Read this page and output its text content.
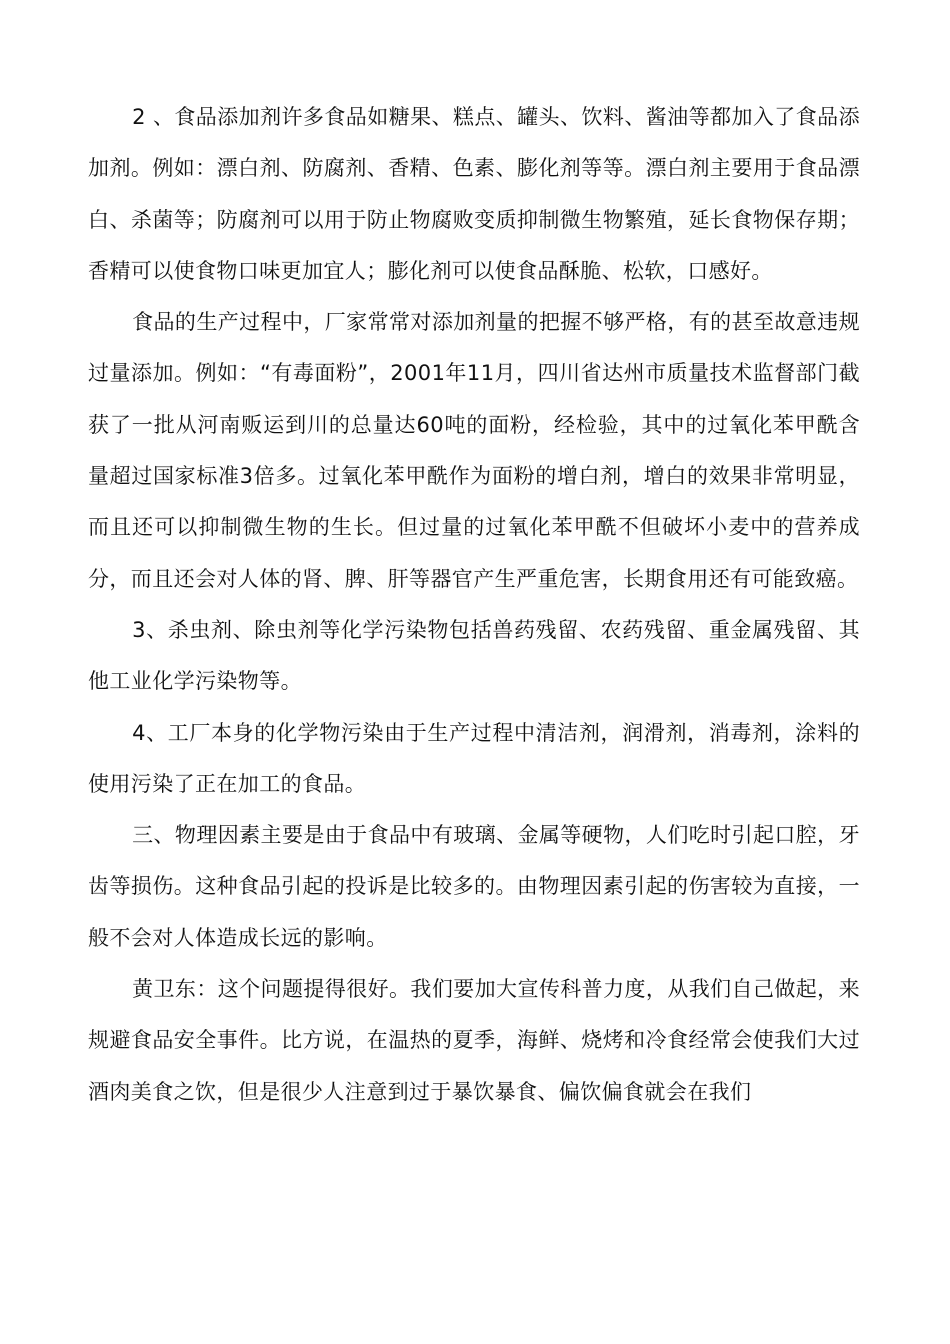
2 、食品添加剂许多食品如糖果、糕点、罐头、饮料、酱油等都加入了食品添加剂。例如：漂白剂、防腐剂、香精、色素、膨化剂等等。漂白剂主要用于食品漂白、杀菌等；防腐剂可以用于防止物腐败变质抑制微生物繁殖，延长食物保存期；香精可以使食物口味更加宜人；膨化剂可以使食品酥脆、松软，口感好。

食品的生产过程中，厂家常常对添加剂量的把握不够严格，有的甚至故意违规过量添加。例如：“有毒面粉”，2001年11月，四川省达州市质量技术监督部门截获了一批从河南贩运到川的总量达60吨的面粉，经检验，其中的过氧化苯甲酰含量超过国家标准3倍多。过氧化苯甲酰作为面粉的增白剂，增白的效果非常明显，而且还可以抑制微生物的生长。但过量的过氧化苯甲酰不但破坏小麦中的营养成分，而且还会对人体的肾、脾、肝等器官产生严重危害，长期食用还有可能致癌。

3、杀虫剂、除虫剂等化学污染物包括兽药残留、农药残留、重金属残留、其他工业化学污染物等。

4、工厂本身的化学物污染由于生产过程中清洁剂，润滑剂，消毒剂，涂料的使用污染了正在加工的食品。

三、物理因素主要是由于食品中有玻璃、金属等硬物，人们吃时引起口腔，牙齿等损伤。这种食品引起的投诉是比较多的。由物理因素引起的伤害较为直接，一般不会对人体造成长远的影响。

黄卫东：这个问题提得很好。我们要加大宣传科普力度，从我们自己做起，来规避食品安全事件。比方说，在温热的夏季，海鲜、烧烤和冷食经常会使我们大过酒肉美食之饮，但是很少人注意到过于暴饮暴食、偏饮偏食就会在我们
